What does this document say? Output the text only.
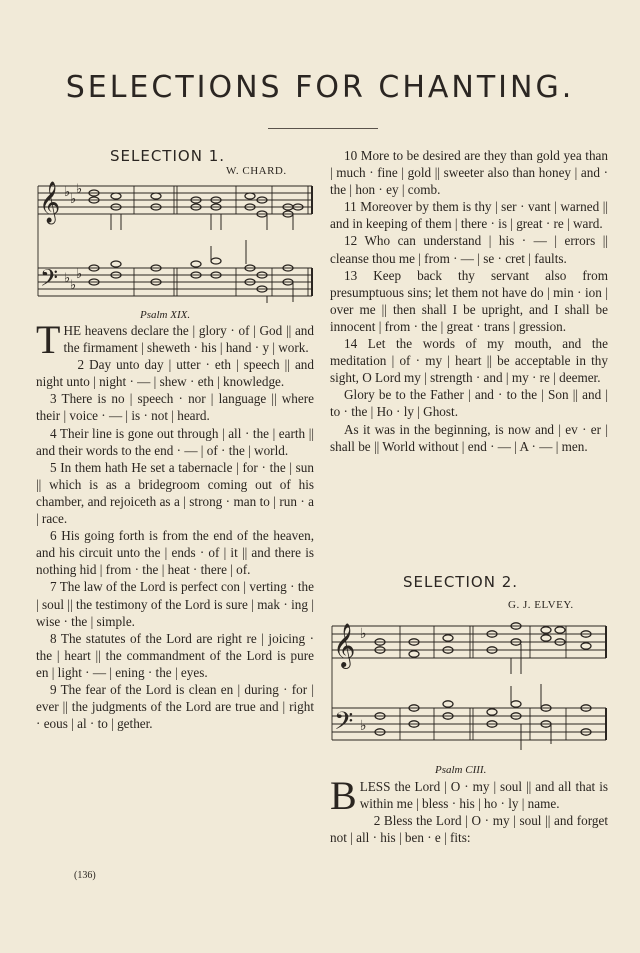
SELECTIONS FOR CHANTING.
SELECTION 1.
W. CHARD.
𝄞
𝄢
♭ ♭
♭
♭ ♭
♭
Psalm XIX.

THE heavens declare the | glory · of | God || and the firmament | sheweth · his | hand · y | work.

2 Day unto day | utter · eth | speech || and night unto | night · — | shew · eth | knowledge.

3 There is no | speech · nor | language || where their | voice · — | is · not | heard.

4 Their line is gone out through | all · the | earth || and their words to the end · — | of · the | world.

5 In them hath He set a tabernacle | for · the | sun || which is as a bridegroom coming out of his chamber, and rejoiceth as a | strong · man to | run · a | race.

6 His going forth is from the end of the heaven, and his circuit unto the | ends · of | it || and there is nothing hid | from · the | heat · there | of.

7 The law of the Lord is perfect con | verting · the | soul || the testimony of the Lord is sure | mak · ing | wise · the | simple.

8 The statutes of the Lord are right re | joicing · the | heart || the commandment of the Lord is pure en | light · — | ening · the | eyes.

9 The fear of the Lord is clean en | during · for | ever || the judgments of the Lord are true and | right · eous | al · to | gether.

(136)

10 More to be desired are they than gold yea than | much · fine | gold || sweeter also than honey | and · the | hon · ey | comb.

11 Moreover by them is thy | ser · vant | warned || and in keeping of them | there · is | great · re | ward.

12 Who can understand | his · — | errors || cleanse thou me | from · — | se · cret | faults.

13 Keep back thy servant also from presumptuous sins; let them not have do | min · ion | over me || then shall I be upright, and I shall be innocent | from · the | great · trans | gression.

14 Let the words of my mouth, and the meditation | of · my | heart || be acceptable in thy sight, O Lord my | strength · and | my · re | deemer.

Glory be to the Father | and · to the | Son || and | to · the | Ho · ly | Ghost.

As it was in the beginning, is now and | ev · er | shall be || World without | end · — | A · — | men.

SELECTION 2.
G. J. ELVEY.
𝄞
𝄢
♭
♭
Psalm CIII.

BLESS the Lord | O · my | soul || and all that is within me | bless · his | ho · ly | name.

2 Bless the Lord | O · my | soul || and forget not | all · his | ben · e | fits:
